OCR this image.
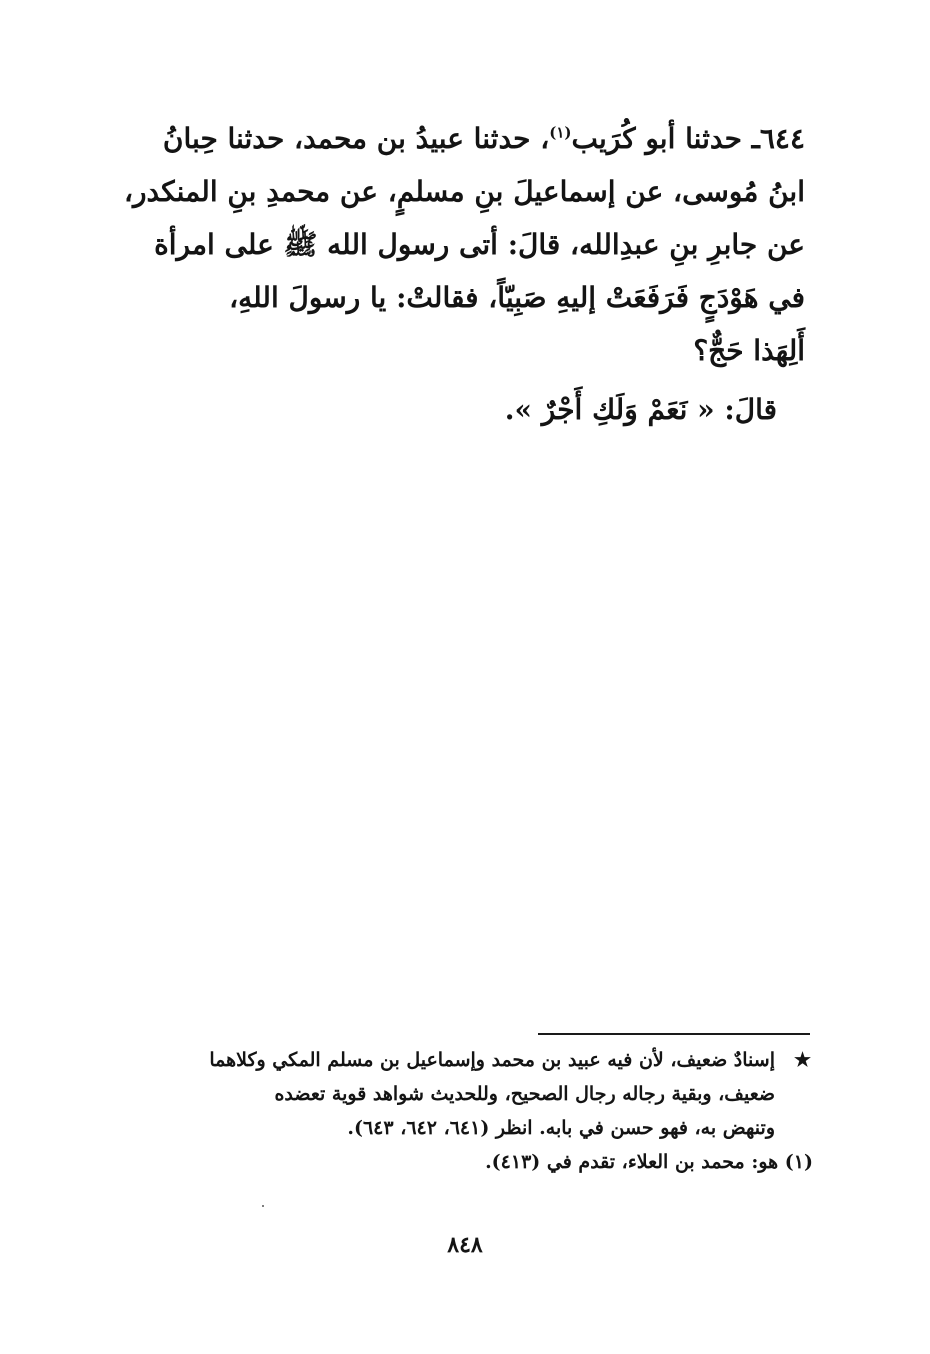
٦٤٤ـ حدثنا أبو كُرَيب$^{(١)}$، حدثنا عبيدُ بن محمد، حدثنا حِبانُ
ابنُ مُوسى، عن إسماعيلَ بنِ مسلمٍ، عن محمدِ بنِ المنكدر،
عن جابرِ بنِ عبدِالله، قالَ: أتى رسول الله ﷺ على امرأة
في هَوْدَجٍ فَرَفَعَتْ إليهِ صَبِيّاً، فقالتْ: يا رسولَ اللهِ،
أَلِهَذا حَجٌّ؟

قالَ: « نَعَمْ وَلَكِ أَجْرٌ ».

★
إسنادٌ ضعيف، لأن فيه عبيد بن محمد وإسماعيل بن مسلم المكي وكلاهما
ضعيف، وبقية رجاله رجال الصحيح، وللحديث شواهد قوية تعضده
وتنهض به، فهو حسن في بابه. انظر (٦٤١، ٦٤٢، ٦٤٣).
(١) هو: محمد بن العلاء، تقدم في (٤١٣).
٨٤٨
